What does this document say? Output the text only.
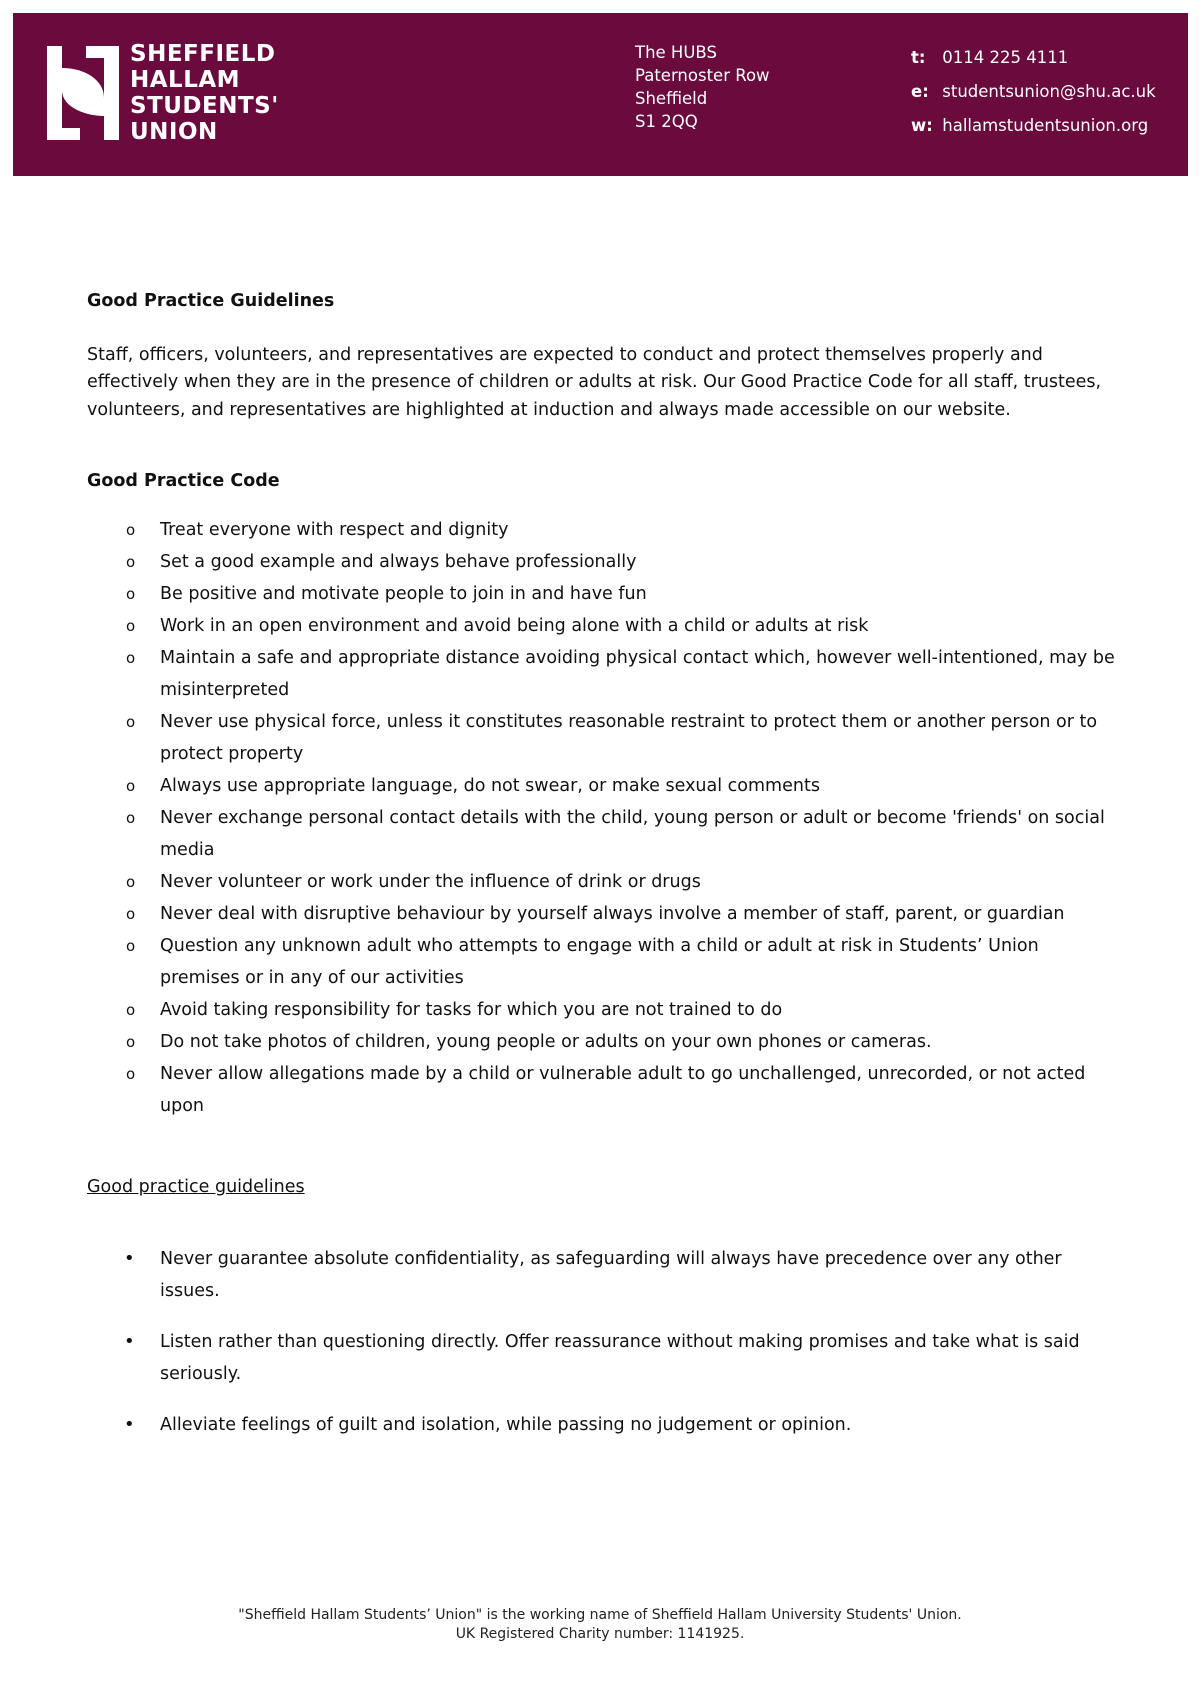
SHEFFIELD
HALLAM
STUDENTS'
UNION
The HUBS
Paternoster Row
Sheffield
S1 2QQ
t: 0114 225 4111
e: studentsunion@shu.ac.uk
w: hallamstudentsunion.org

Good Practice Guidelines

Staff, officers, volunteers, and representatives are expected to conduct and protect themselves properly and effectively when they are in the presence of children or adults at risk. Our Good Practice Code for all staff, trustees, volunteers, and representatives are highlighted at induction and always made accessible on our website.

Good Practice Code

o Treat everyone with respect and dignity
o Set a good example and always behave professionally
o Be positive and motivate people to join in and have fun
o Work in an open environment and avoid being alone with a child or adults at risk
o Maintain a safe and appropriate distance avoiding physical contact which, however well-intentioned, may be misinterpreted
o Never use physical force, unless it constitutes reasonable restraint to protect them or another person or to protect property
o Always use appropriate language, do not swear, or make sexual comments
o Never exchange personal contact details with the child, young person or adult or become 'friends' on social media
o Never volunteer or work under the influence of drink or drugs
o Never deal with disruptive behaviour by yourself always involve a member of staff, parent, or guardian
o Question any unknown adult who attempts to engage with a child or adult at risk in Students’ Union premises or in any of our activities
o Avoid taking responsibility for tasks for which you are not trained to do
o Do not take photos of children, young people or adults on your own phones or cameras.
o Never allow allegations made by a child or vulnerable adult to go unchallenged, unrecorded, or not acted upon

Good practice guidelines

• Never guarantee absolute confidentiality, as safeguarding will always have precedence over any other issues.
• Listen rather than questioning directly. Offer reassurance without making promises and take what is said seriously.
• Alleviate feelings of guilt and isolation, while passing no judgement or opinion.
"Sheffield Hallam Students’ Union" is the working name of Sheffield Hallam University Students' Union.
UK Registered Charity number: 1141925.
